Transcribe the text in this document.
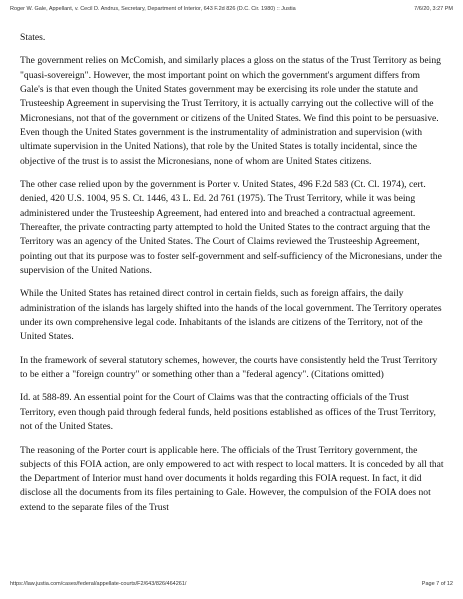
Roger W. Gale, Appellant, v. Cecil D. Andrus, Secretary, Department of Interior, 643 F.2d 826 (D.C. Cir. 1980) :: Justia	7/6/20, 3:27 PM

States.

The government relies on McComish, and similarly places a gloss on the status of the Trust Territory as being "quasi-sovereign". However, the most important point on which the government's argument differs from Gale's is that even though the United States government may be exercising its role under the statute and Trusteeship Agreement in supervising the Trust Territory, it is actually carrying out the collective will of the Micronesians, not that of the government or citizens of the United States. We find this point to be persuasive. Even though the United States government is the instrumentality of administration and supervision (with ultimate supervision in the United Nations), that role by the United States is totally incidental, since the objective of the trust is to assist the Micronesians, none of whom are United States citizens.

The other case relied upon by the government is Porter v. United States, 496 F.2d 583 (Ct. Cl. 1974), cert. denied, 420 U.S. 1004, 95 S. Ct. 1446, 43 L. Ed. 2d 761 (1975). The Trust Territory, while it was being administered under the Trusteeship Agreement, had entered into and breached a contractual agreement. Thereafter, the private contracting party attempted to hold the United States to the contract arguing that the Territory was an agency of the United States. The Court of Claims reviewed the Trusteeship Agreement, pointing out that its purpose was to foster self-government and self-sufficiency of the Micronesians, under the supervision of the United Nations.

While the United States has retained direct control in certain fields, such as foreign affairs, the daily administration of the islands has largely shifted into the hands of the local government. The Territory operates under its own comprehensive legal code. Inhabitants of the islands are citizens of the Territory, not of the United States.

In the framework of several statutory schemes, however, the courts have consistently held the Trust Territory to be either a "foreign country" or something other than a "federal agency". (Citations omitted)

Id. at 588-89. An essential point for the Court of Claims was that the contracting officials of the Trust Territory, even though paid through federal funds, held positions established as offices of the Trust Territory, not of the United States.

The reasoning of the Porter court is applicable here. The officials of the Trust Territory government, the subjects of this FOIA action, are only empowered to act with respect to local matters. It is conceded by all that the Department of Interior must hand over documents it holds regarding this FOIA request. In fact, it did disclose all the documents from its files pertaining to Gale. However, the compulsion of the FOIA does not extend to the separate files of the Trust

https://law.justia.com/cases/federal/appellate-courts/F2/643/826/464261/	Page 7 of 12
